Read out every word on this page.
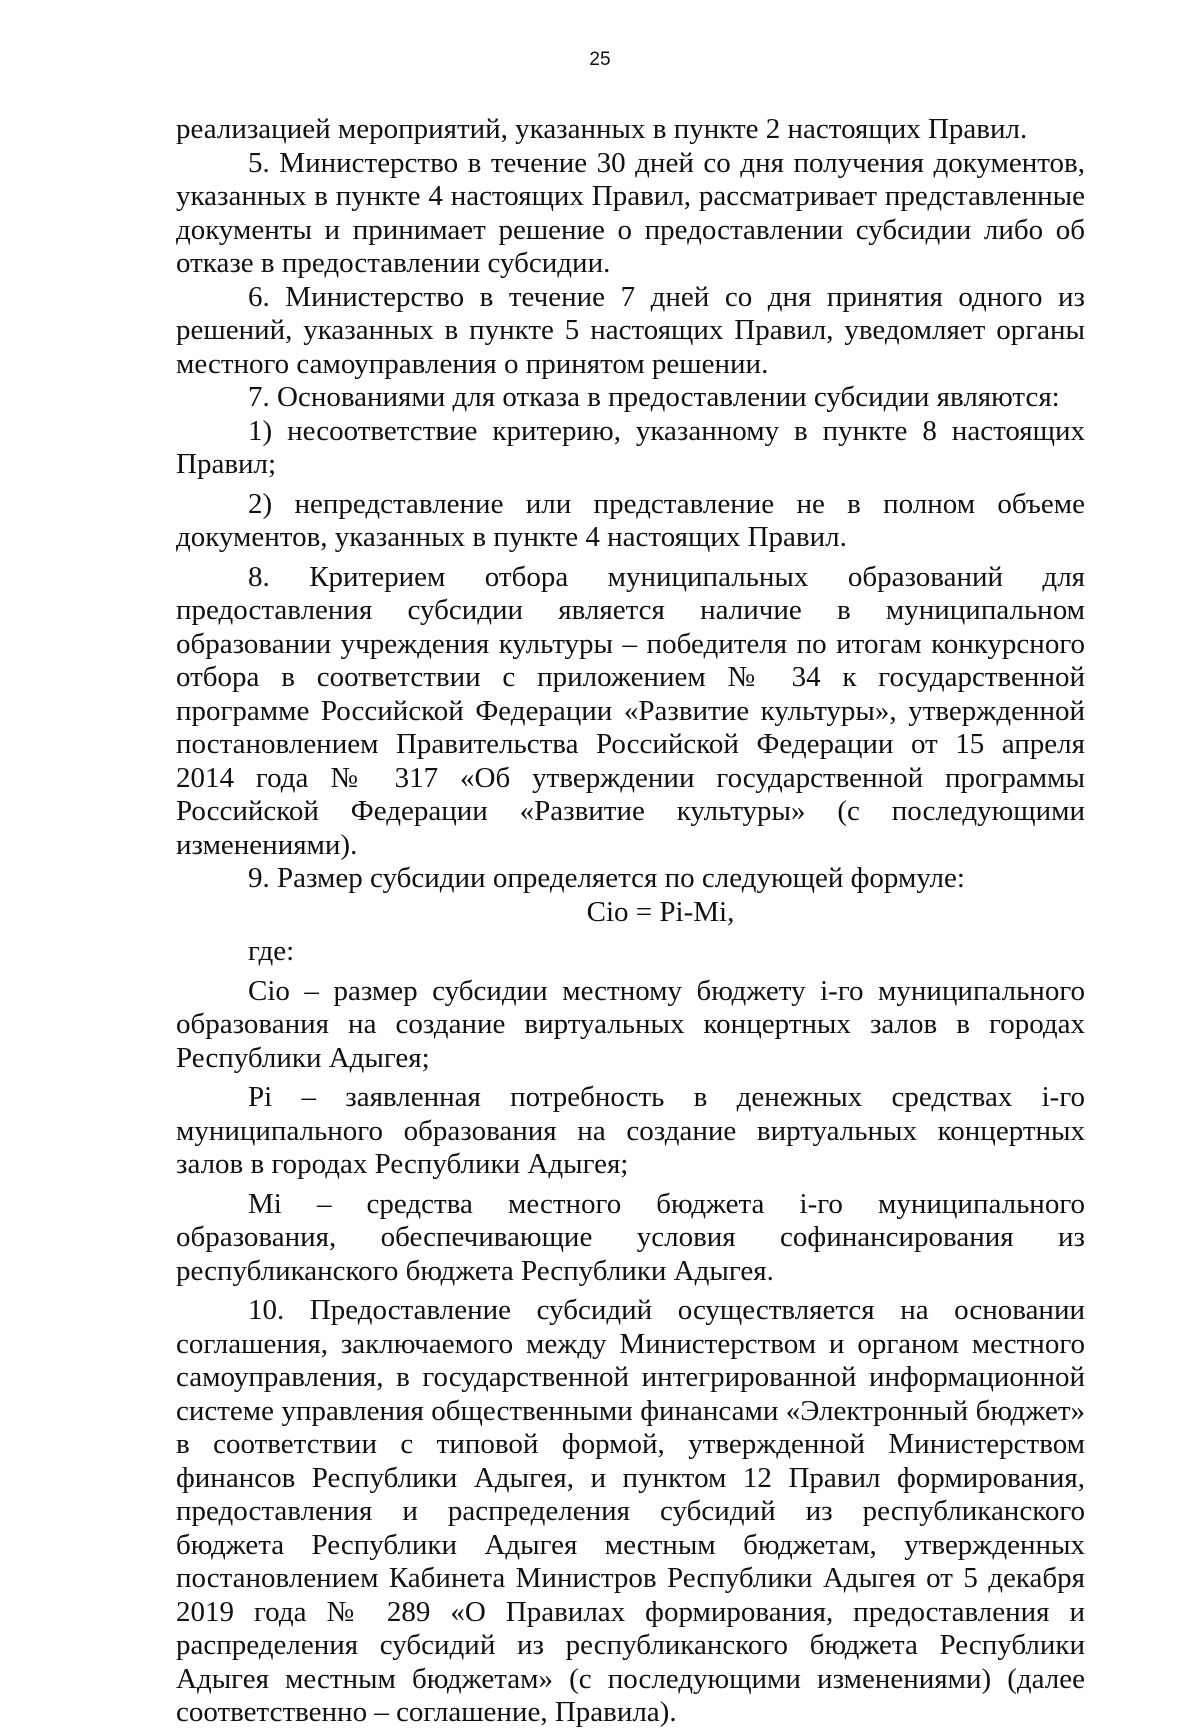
25

реализацией мероприятий, указанных в пункте 2 настоящих Правил.

5. Министерство в течение 30 дней со дня получения документов, указанных в пункте 4 настоящих Правил, рассматривает представленные документы и принимает решение о предоставлении субсидии либо об отказе в предоставлении субсидии.

6. Министерство в течение 7 дней со дня принятия одного из решений, указанных в пункте 5 настоящих Правил, уведомляет органы местного самоуправления о принятом решении.

7. Основаниями для отказа в предоставлении субсидии являются:

1) несоответствие критерию, указанному в пункте 8 настоящих Правил;

2) непредставление или представление не в полном объеме документов, указанных в пункте 4 настоящих Правил.

8. Критерием отбора муниципальных образований для предоставления субсидии является наличие в муниципальном образовании учреждения культуры – победителя по итогам конкурсного отбора в соответствии с приложением № 34 к государственной программе Российской Федерации «Развитие культуры», утвержденной постановлением Правительства Российской Федерации от 15 апреля 2014 года № 317 «Об утверждении государственной программы Российской Федерации «Развитие культуры» (с последующими изменениями).

9. Размер субсидии определяется по следующей формуле:

Cio = Pi-Mi,

где:

Cio – размер субсидии местному бюджету i-го муниципального образования на создание виртуальных концертных залов в городах Республики Адыгея;

Pi – заявленная потребность в денежных средствах i-го муниципального образования на создание виртуальных концертных залов в городах Республики Адыгея;

Mi – средства местного бюджета i-го муниципального образования, обеспечивающие условия софинансирования из республиканского бюджета Республики Адыгея.

10. Предоставление субсидий осуществляется на основании соглашения, заключаемого между Министерством и органом местного самоуправления, в государственной интегрированной информационной системе управления общественными финансами «Электронный бюджет» в соответствии с типовой формой, утвержденной Министерством финансов Республики Адыгея, и пунктом 12 Правил формирования, предоставления и распределения субсидий из республиканского бюджета Республики Адыгея местным бюджетам, утвержденных постановлением Кабинета Министров Республики Адыгея от 5 декабря 2019 года № 289 «О Правилах формирования, предоставления и распределения субсидий из республиканского бюджета Республики Адыгея местным бюджетам» (с последующими изменениями) (далее соответственно – соглашение, Правила).
